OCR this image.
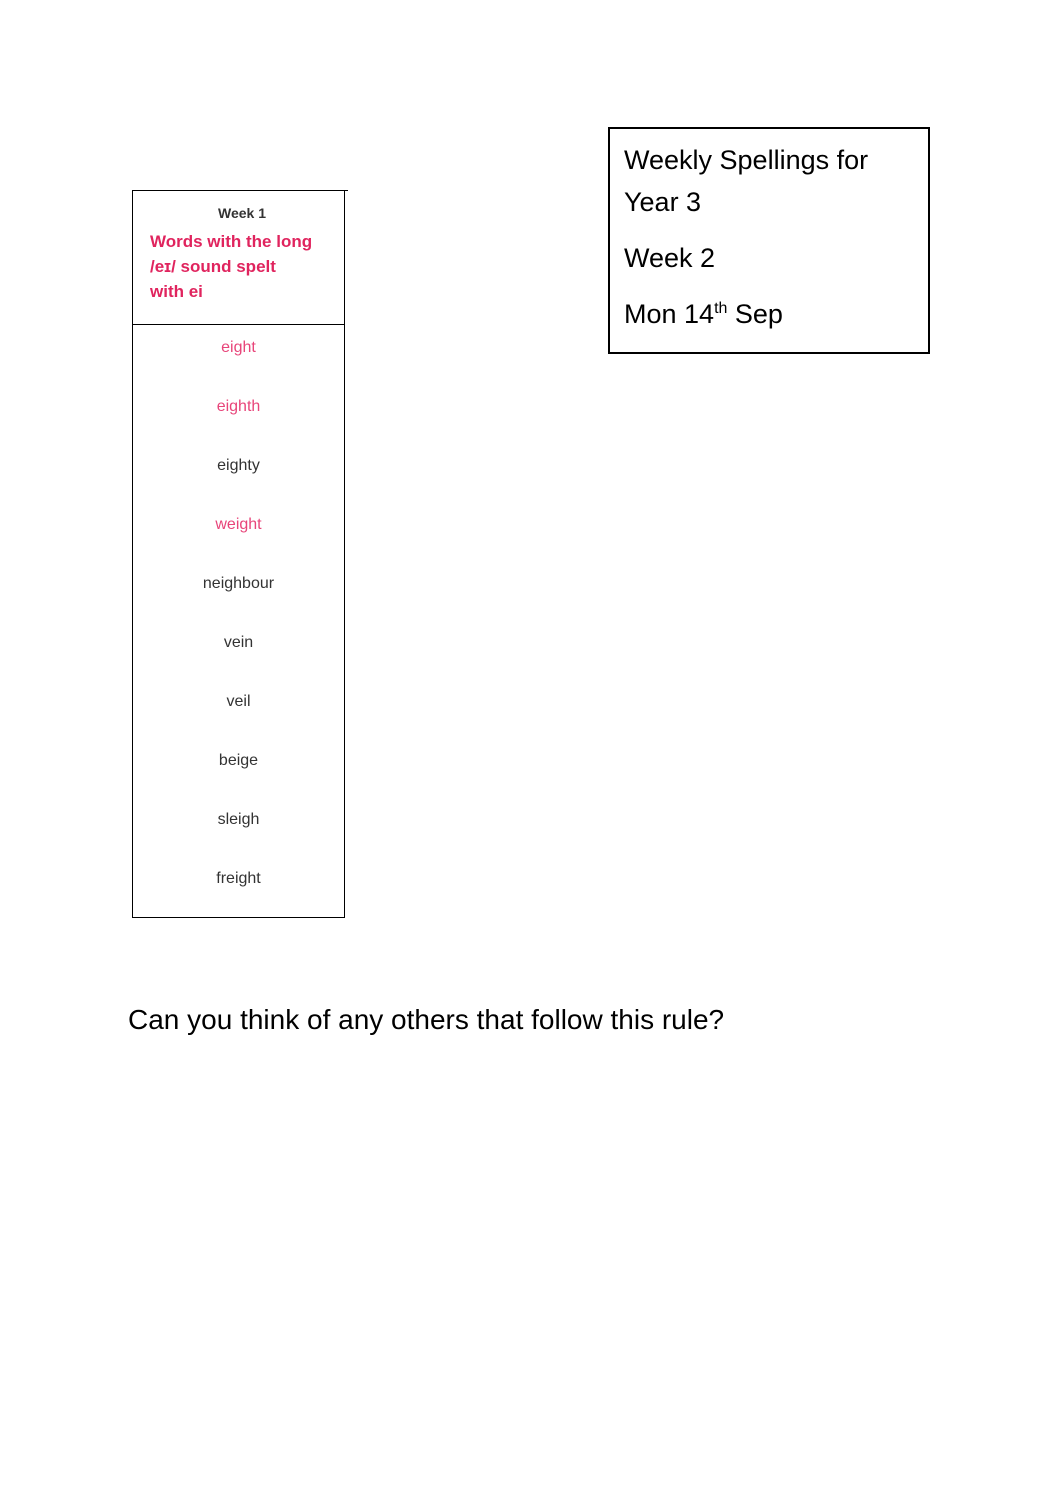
Week 1
Words with the long
/eɪ/ sound spelt
with ei
eight
eighth
eighty
weight
neighbour
vein
veil
beige
sleigh
freight

Weekly Spellings for

Year 3

Week 2

Mon 14th Sep

Can you think of any others that follow this rule?
